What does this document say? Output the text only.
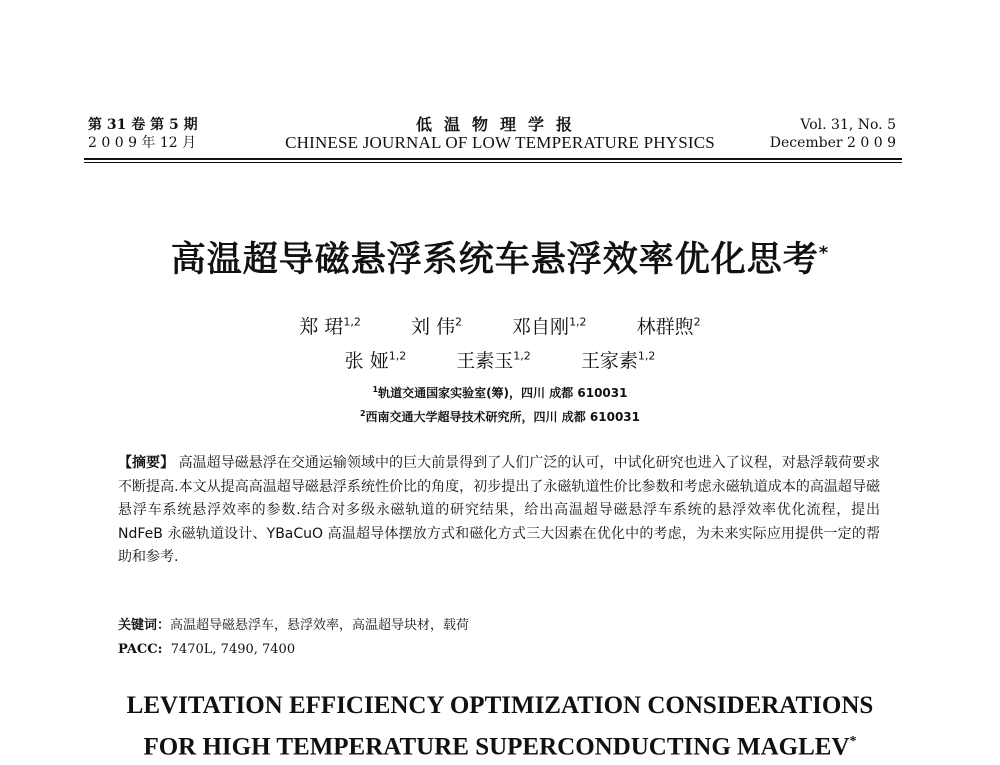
第 31 卷 第 5 期
2 0 0 9 年 12 月
低温物理学报
CHINESE JOURNAL OF LOW TEMPERATURE PHYSICS
Vol. 31, No. 5
December 2 0 0 9
高温超导磁悬浮系统车悬浮效率优化思考*
郑 珺$^{1,2}$	刘 伟$^2$	邓自刚$^{1,2}$	林群煦$^2$
张 娅$^{1,2}$	王素玉$^{1,2}$	王家素$^{1,2}$
$^1$轨道交通国家实验室(筹)，四川 成都 610031
$^2$西南交通大学超导技术研究所，四川 成都 610031
【摘要】 高温超导磁悬浮在交通运输领域中的巨大前景得到了人们广泛的认可，中试化研究也进入了议程，对悬浮载荷要求不断提高.本文从提高高温超导磁悬浮系统性价比的角度，初步提出了永磁轨道性价比参数和考虑永磁轨道成本的高温超导磁悬浮车系统悬浮效率的参数.结合对多级永磁轨道的研究结果，给出高温超导磁悬浮车系统的悬浮效率优化流程，提出 NdFeB 永磁轨道设计、YBaCuO 高温超导体摆放方式和磁化方式三大因素在优化中的考虑，为未来实际应用提供一定的帮助和参考.
关键词：高温超导磁悬浮车，悬浮效率，高温超导块材，载荷
PACC: 7470L, 7490, 7400
LEVITATION EFFICIENCY OPTIMIZATION CONSIDERATIONS
FOR HIGH TEMPERATURE SUPERCONDUCTING MAGLEV*
